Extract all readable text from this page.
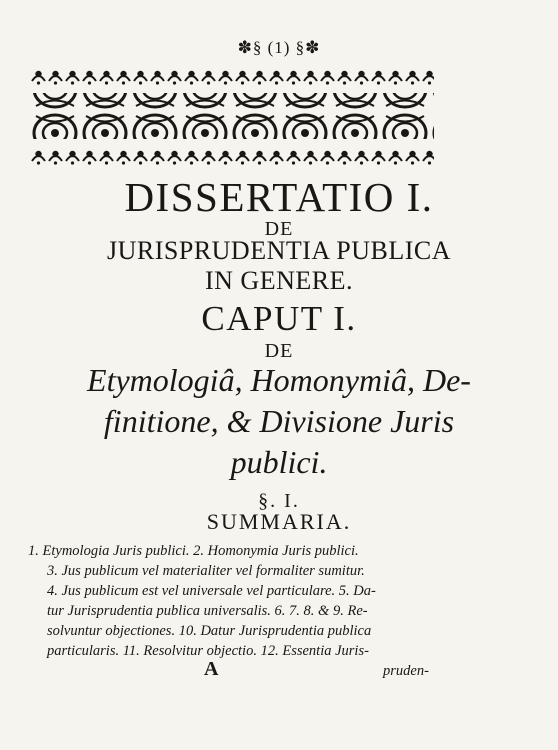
✽§ (1) §✽
DISSERTATIO I.
DE
JURISPRUDENTIA PUBLICA
IN GENERE.
CAPUT I.
DE
Etymologiâ, Homonymiâ, De-
finitione, & Divisione Juris
publici.
§. I.
SUMMARIA.
1. Etymologia Juris publici. 2. Homonymia Juris publici.
3. Jus publicum vel materialiter vel formaliter sumitur.
4. Jus publicum est vel universale vel particulare. 5. Da-
tur Jurisprudentia publica universalis. 6. 7. 8. & 9. Re-
solvuntur objectiones. 10. Datur Jurisprudentia publica
particularis. 11. Resolvitur objectio. 12. Essentia Juris-
A	pruden-
